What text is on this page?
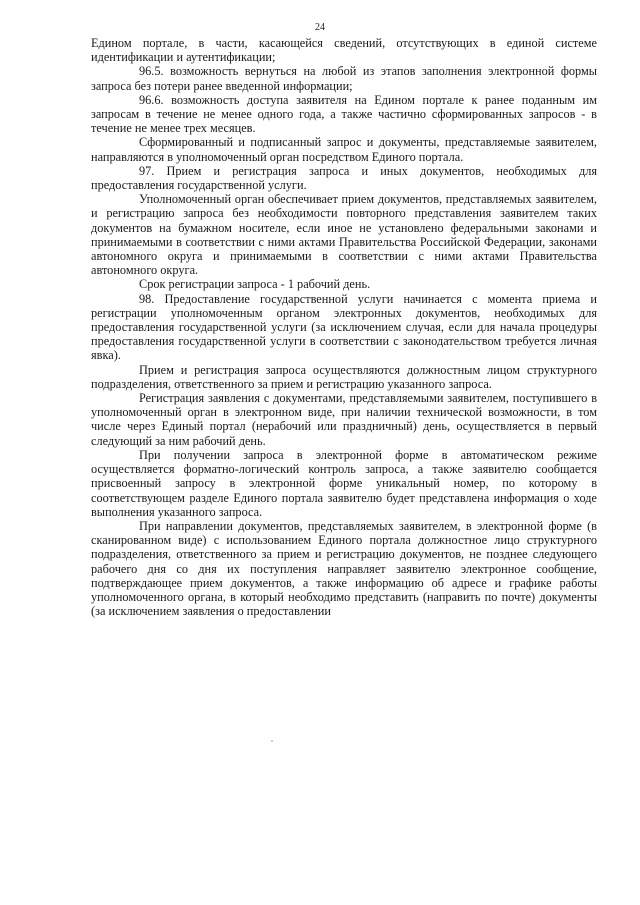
24

Едином портале, в части, касающейся сведений, отсутствующих в единой системе идентификации и аутентификации;

96.5. возможность вернуться на любой из этапов заполнения электронной формы запроса без потери ранее введенной информации;

96.6. возможность доступа заявителя на Едином портале к ранее поданным им запросам в течение не менее одного года, а также частично сформированных запросов - в течение не менее трех месяцев.

Сформированный и подписанный запрос и документы, представляемые заявителем, направляются в уполномоченный орган посредством Единого портала.

97. Прием и регистрация запроса и иных документов, необходимых для предоставления государственной услуги.

Уполномоченный орган обеспечивает прием документов, представляемых заявителем, и регистрацию запроса без необходимости повторного представления заявителем таких документов на бумажном носителе, если иное не установлено федеральными законами и принимаемыми в соответствии с ними актами Правительства Российской Федерации, законами автономного округа и принимаемыми в соответствии с ними актами Правительства автономного округа.

Срок регистрации запроса - 1 рабочий день.

98. Предоставление государственной услуги начинается с момента приема и регистрации уполномоченным органом электронных документов, необходимых для предоставления государственной услуги (за исключением случая, если для начала процедуры предоставления государственной услуги в соответствии с законодательством требуется личная явка).

Прием и регистрация запроса осуществляются должностным лицом структурного подразделения, ответственного за прием и регистрацию указанного запроса.

Регистрация заявления с документами, представляемыми заявителем, поступившего в уполномоченный орган в электронном виде, при наличии технической возможности, в том числе через Единый портал (нерабочий или праздничный) день, осуществляется в первый следующий за ним рабочий день.

При получении запроса в электронной форме в автоматическом режиме осуществляется форматно-логический контроль запроса, а также заявителю сообщается присвоенный запросу в электронной форме уникальный номер, по которому в соответствующем разделе Единого портала заявителю будет представлена информация о ходе выполнения указанного запроса.

При направлении документов, представляемых заявителем, в электронной форме (в сканированном виде) с использованием Единого портала должностное лицо структурного подразделения, ответственного за прием и регистрацию документов, не позднее следующего рабочего дня со дня их поступления направляет заявителю электронное сообщение, подтверждающее прием документов, а также информацию об адресе и графике работы уполномоченного органа, в который необходимо представить (направить по почте) документы (за исключением заявления о предоставлении
